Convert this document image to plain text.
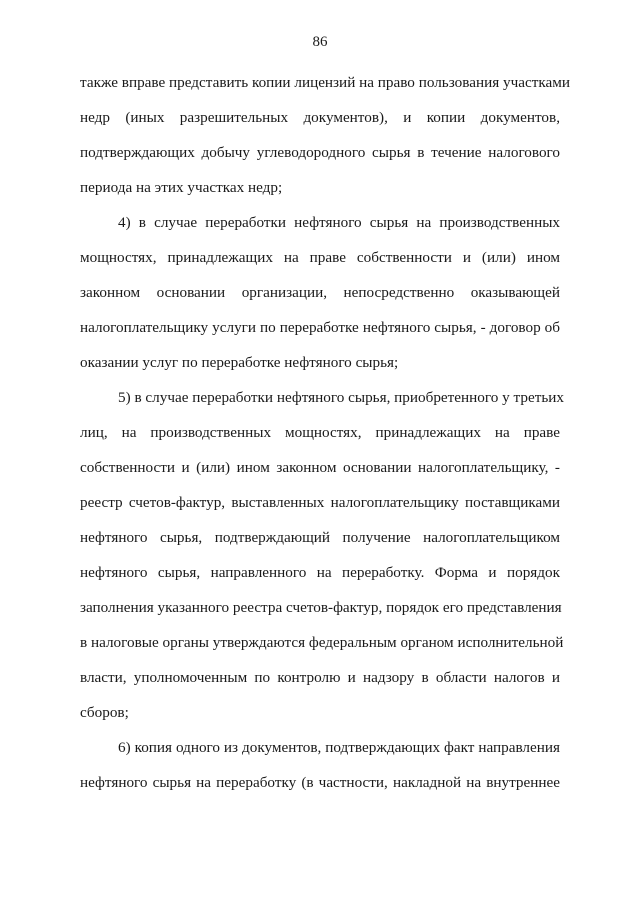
86
также вправе представить копии лицензий на право пользования участками
недр (иных разрешительных документов), и копии документов,
подтверждающих добычу углеводородного сырья в течение налогового
периода на этих участках недр;
4) в случае переработки нефтяного сырья на производственных
мощностях, принадлежащих на праве собственности и (или) ином
законном основании организации, непосредственно оказывающей
налогоплательщику услуги по переработке нефтяного сырья, - договор об
оказании услуг по переработке нефтяного сырья;
5) в случае переработки нефтяного сырья, приобретенного у третьих
лиц, на производственных мощностях, принадлежащих на праве
собственности и (или) ином законном основании налогоплательщику, -
реестр счетов-фактур, выставленных налогоплательщику поставщиками
нефтяного сырья, подтверждающий получение налогоплательщиком
нефтяного сырья, направленного на переработку. Форма и порядок
заполнения указанного реестра счетов-фактур, порядок его представления
в налоговые органы утверждаются федеральным органом исполнительной
власти, уполномоченным по контролю и надзору в области налогов и
сборов;
6) копия одного из документов, подтверждающих факт направления
нефтяного сырья на переработку (в частности, накладной на внутреннее
